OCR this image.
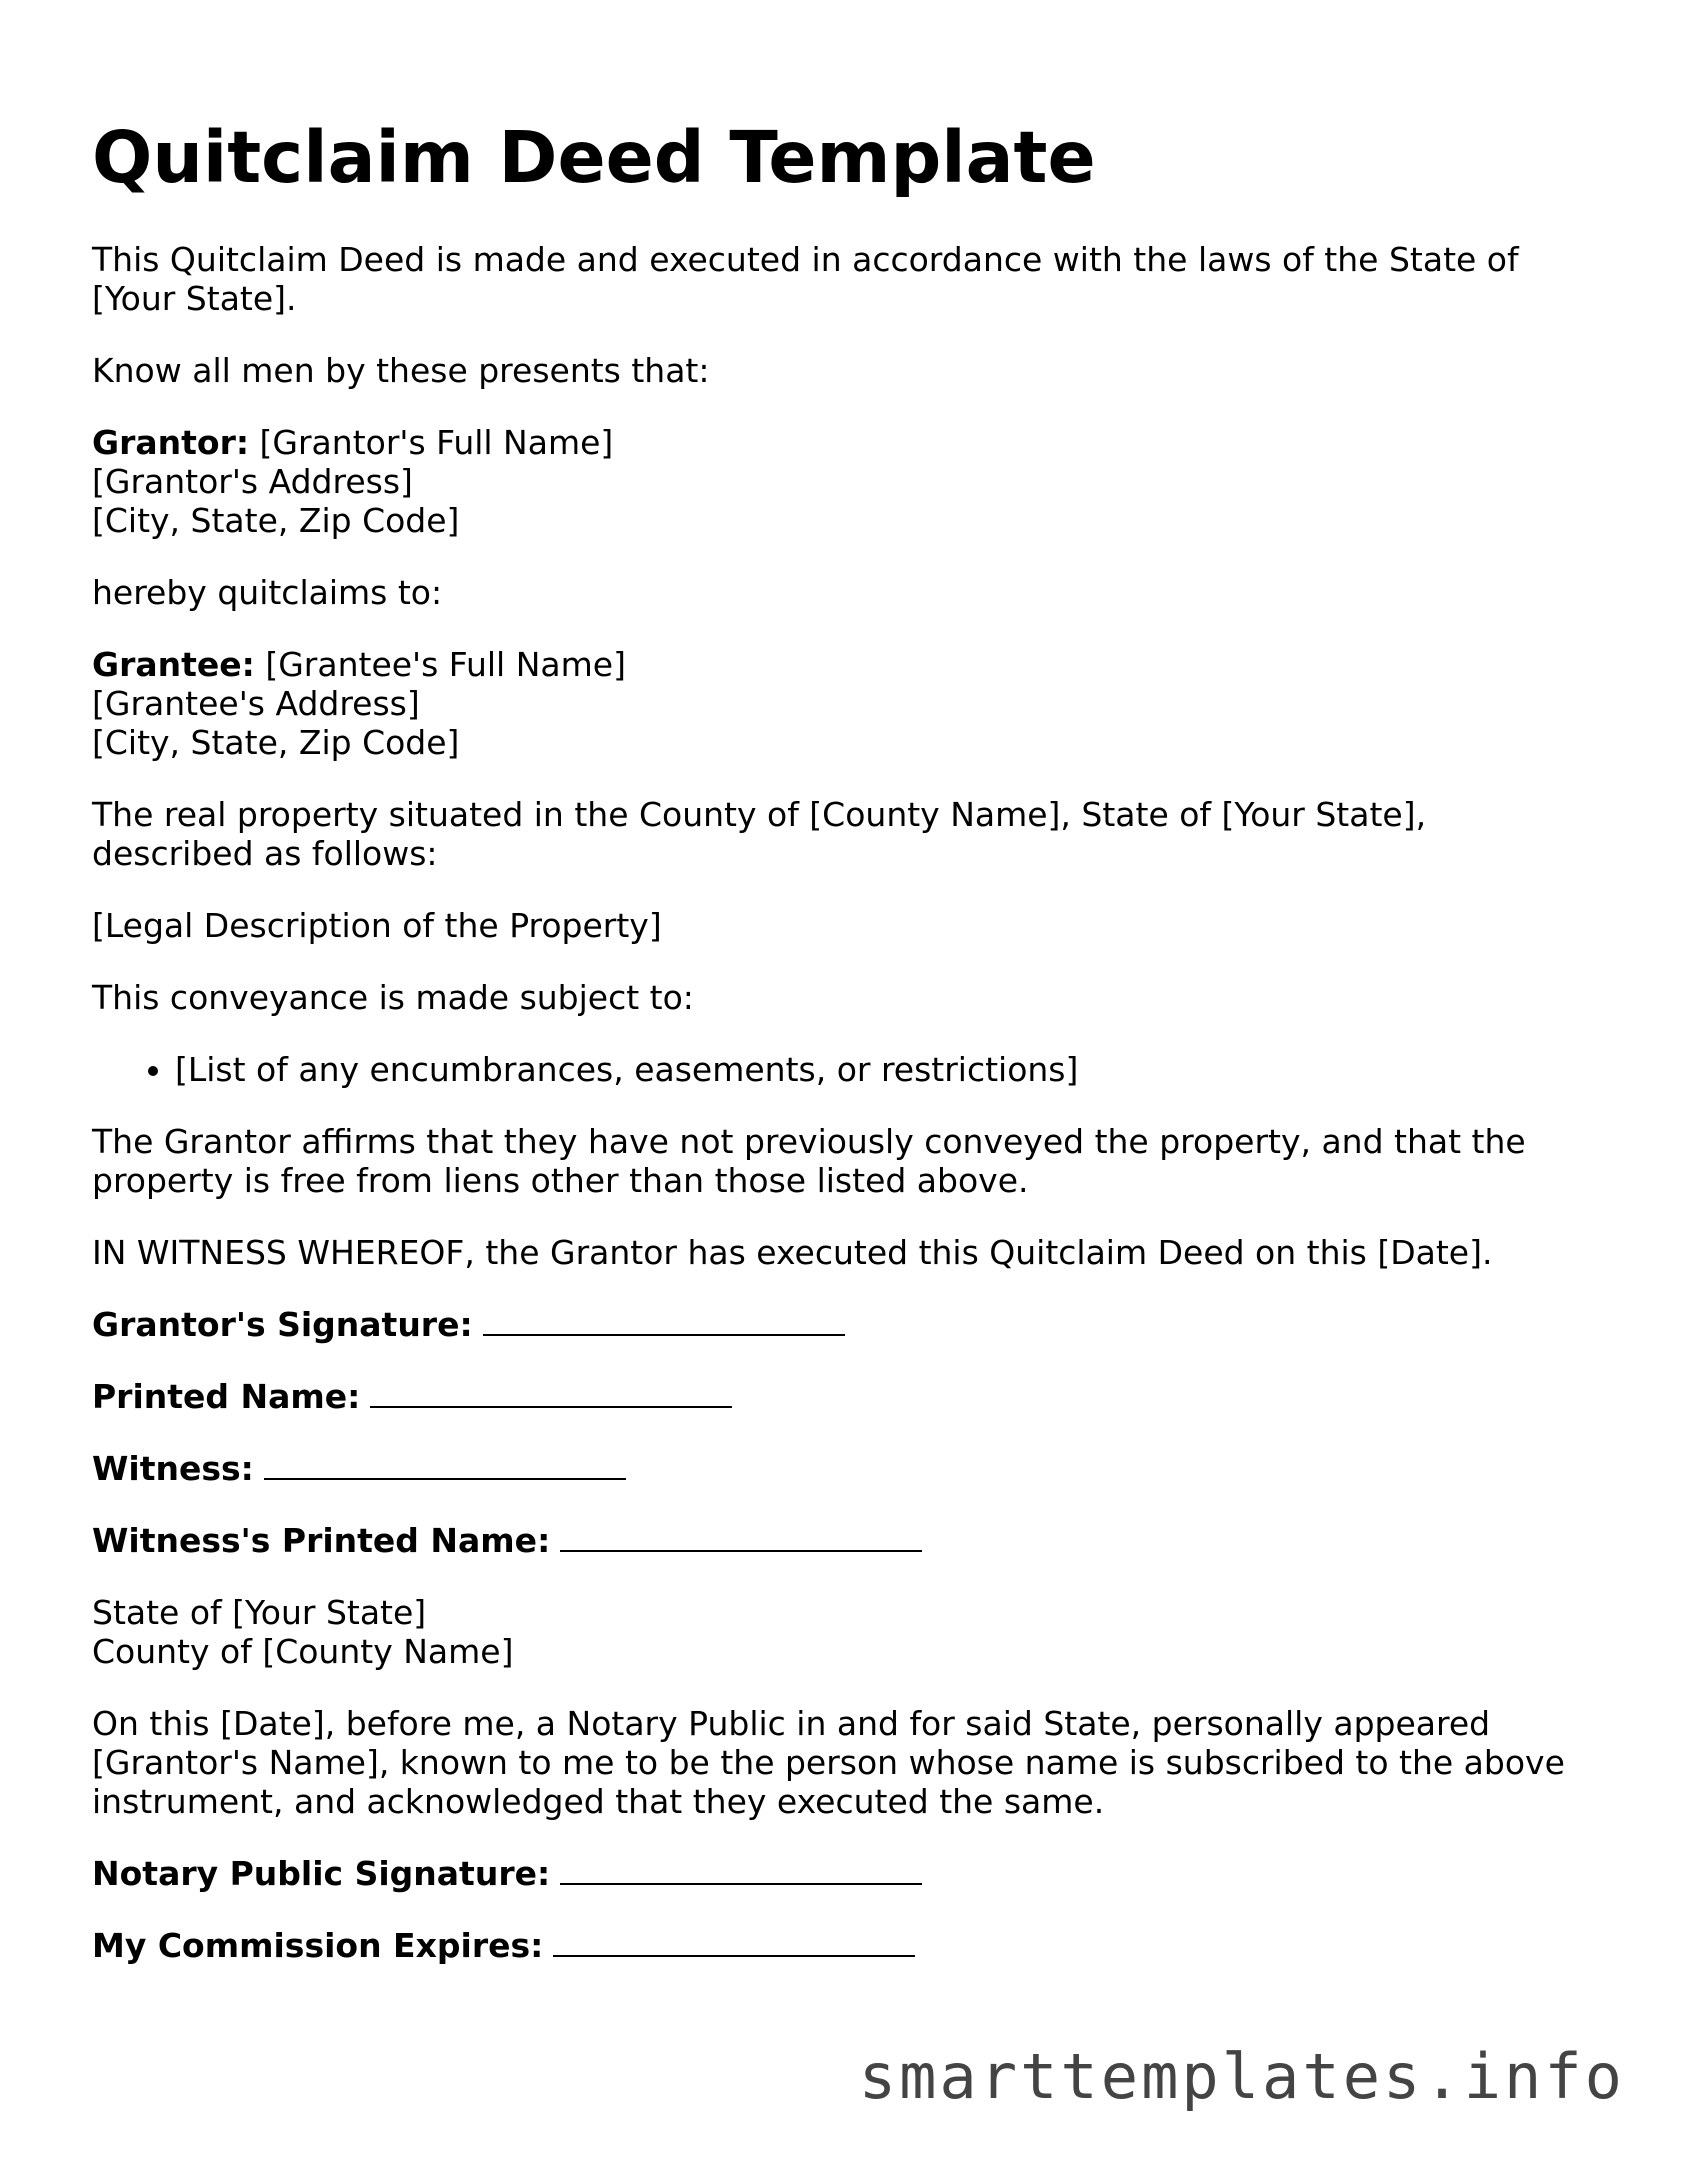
Quitclaim Deed Template

This Quitclaim Deed is made and executed in accordance with the laws of the State of [Your State].

Know all men by these presents that:

Grantor: [Grantor's Full Name]
[Grantor's Address]
[City, State, Zip Code]

hereby quitclaims to:

Grantee: [Grantee's Full Name]
[Grantee's Address]
[City, State, Zip Code]

The real property situated in the County of [County Name], State of [Your State], described as follows:

[Legal Description of the Property]

This conveyance is made subject to:

• [List of any encumbrances, easements, or restrictions]

The Grantor affirms that they have not previously conveyed the property, and that the property is free from liens other than those listed above.

IN WITNESS WHEREOF, the Grantor has executed this Quitclaim Deed on this [Date].

Grantor's Signature:

Printed Name:

Witness:

Witness's Printed Name:

State of [Your State]
County of [County Name]

On this [Date], before me, a Notary Public in and for said State, personally appeared [Grantor's Name], known to me to be the person whose name is subscribed to the above instrument, and acknowledged that they executed the same.

Notary Public Signature:

My Commission Expires:

smarttemplates.info
